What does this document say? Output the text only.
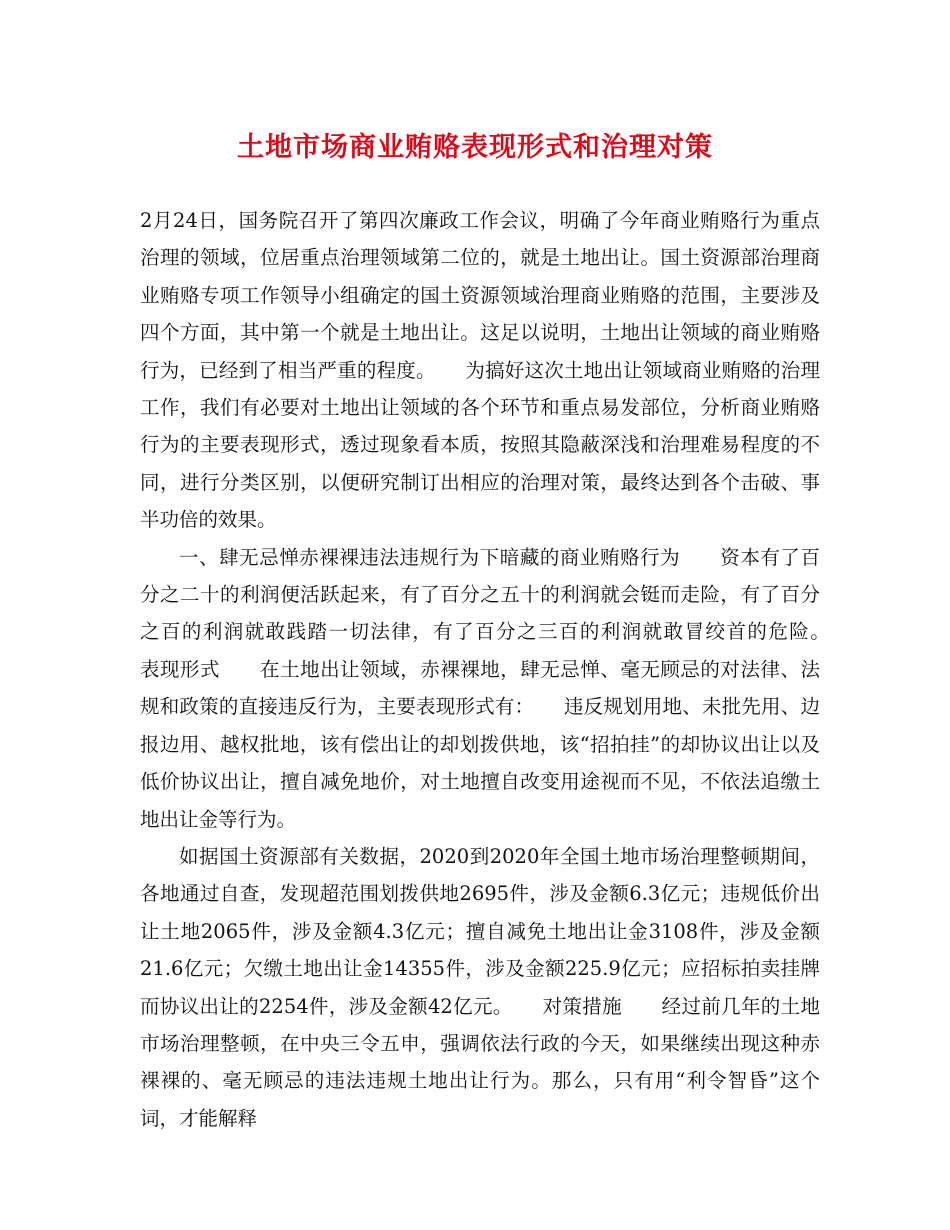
土地市场商业贿赂表现形式和治理对策

2月24日，国务院召开了第四次廉政工作会议，明确了今年商业贿赂行为重点治理的领域，位居重点治理领域第二位的，就是土地出让。国土资源部治理商业贿赂专项工作领导小组确定的国土资源领域治理商业贿赂的范围，主要涉及四个方面，其中第一个就是土地出让。这足以说明，土地出让领域的商业贿赂行为，已经到了相当严重的程度。　　为搞好这次土地出让领域商业贿赂的治理工作，我们有必要对土地出让领域的各个环节和重点易发部位，分析商业贿赂行为的主要表现形式，透过现象看本质，按照其隐蔽深浅和治理难易程度的不同，进行分类区别，以便研究制订出相应的治理对策，最终达到各个击破、事半功倍的效果。

一、肆无忌惮赤裸裸违法违规行为下暗藏的商业贿赂行为　　资本有了百分之二十的利润便活跃起来，有了百分之五十的利润就会铤而走险，有了百分之百的利润就敢践踏一切法律，有了百分之三百的利润就敢冒绞首的危险。　　表现形式　　在土地出让领域，赤裸裸地，肆无忌惮、毫无顾忌的对法律、法规和政策的直接违反行为，主要表现形式有：　　违反规划用地、未批先用、边报边用、越权批地，该有偿出让的却划拨供地，该“招拍挂”的却协议出让以及低价协议出让，擅自减免地价，对土地擅自改变用途视而不见，不依法追缴土地出让金等行为。

如据国土资源部有关数据，2020到2020年全国土地市场治理整顿期间，各地通过自查，发现超范围划拨供地2695件，涉及金额6.3亿元；违规低价出让土地2065件，涉及金额4.3亿元；擅自减免土地出让金3108件，涉及金额21.6亿元；欠缴土地出让金14355件，涉及金额225.9亿元；应招标拍卖挂牌而协议出让的2254件，涉及金额42亿元。　　对策措施　　经过前几年的土地市场治理整顿，在中央三令五申，强调依法行政的今天，如果继续出现这种赤裸裸的、毫无顾忌的违法违规土地出让行为。那么，只有用“利令智昏”这个词，才能解释
